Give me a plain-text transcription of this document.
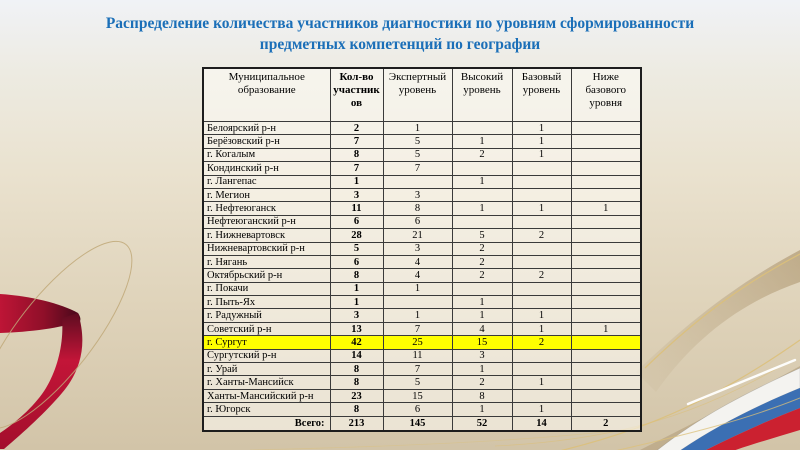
Распределение количества участников диагностики по уровням сформированности
предметных компетенций по географии
Муниципальное образование	Кол-во участников	Экспертный уровень	Высокий уровень	Базовый уровень	Ниже базового уровня
Белоярский р-н	2	1		1	
Берёзовский р-н	7	5	1	1	
г. Когалым	8	5	2	1	
Кондинский р-н	7	7			
г. Лангепас	1		1		
г. Мегион	3	3			
г. Нефтеюганск	11	8	1	1	1
Нефтеюганский р-н	6	6			
г. Нижневартовск	28	21	5	2	
Нижневартовский р-н	5	3	2		
г. Нягань	6	4	2		
Октябрьский р-н	8	4	2	2	
г. Покачи	1	1			
г. Пыть-Ях	1		1		
г. Радужный	3	1	1	1	
Советский р-н	13	7	4	1	1
г. Сургут	42	25	15	2	
Сургутский р-н	14	11	3		
г. Урай	8	7	1		
г. Ханты-Мансийск	8	5	2	1	
Ханты-Мансийский р-н	23	15	8		
г. Югорск	8	6	1	1	
Всего:	213	145	52	14	2
